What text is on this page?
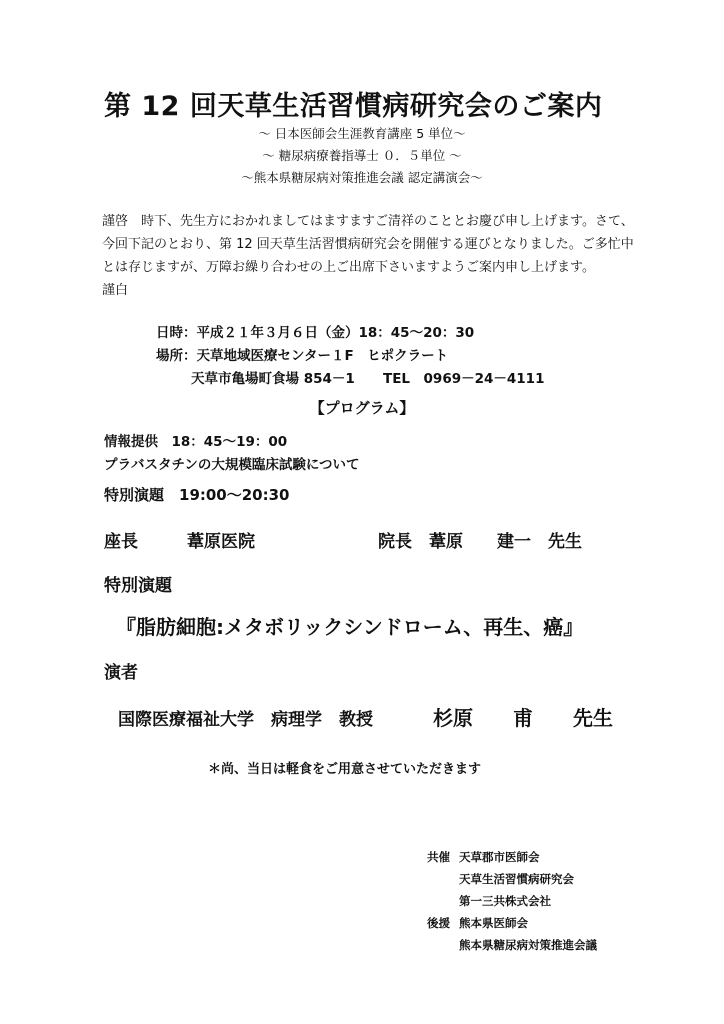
第 12 回天草生活習慣病研究会のご案内
～ 日本医師会生涯教育講座 5 単位～
～ 糖尿病療養指導士 ０．５単位 ～
～熊本県糖尿病対策推進会議 認定講演会～
謹啓　時下、先生方におかれましてはますますご清祥のこととお慶び申し上げます。さて、
今回下記のとおり、第 12 回天草生活習慣病研究会を開催する運びとなりました。ご多忙中
とは存じますが、万障お繰り合わせの上ご出席下さいますようご案内申し上げます。
謹白
日時：平成２１年３月６日（金）18：45～20：30
場所：天草地域医療センター１F　ヒポクラート
天草市亀場町食場 854－1 TEL　0969－24－4111
【プログラム】
情報提供　18：45～19：00
プラバスタチンの大規模臨床試験について
特別演題　19:00～20:30
座長	葦原医院	院長　葦原　　建一　先生
特別演題
『脂肪細胞:メタボリックシンドローム、再生、癌』
演者
国際医療福祉大学　病理学　教授	杉原　　甫　　先生
＊尚、当日は軽食をご用意させていただきます
共催 天草郡市医師会
天草生活習慣病研究会
第一三共株式会社
後援 熊本県医師会
熊本県糖尿病対策推進会議
